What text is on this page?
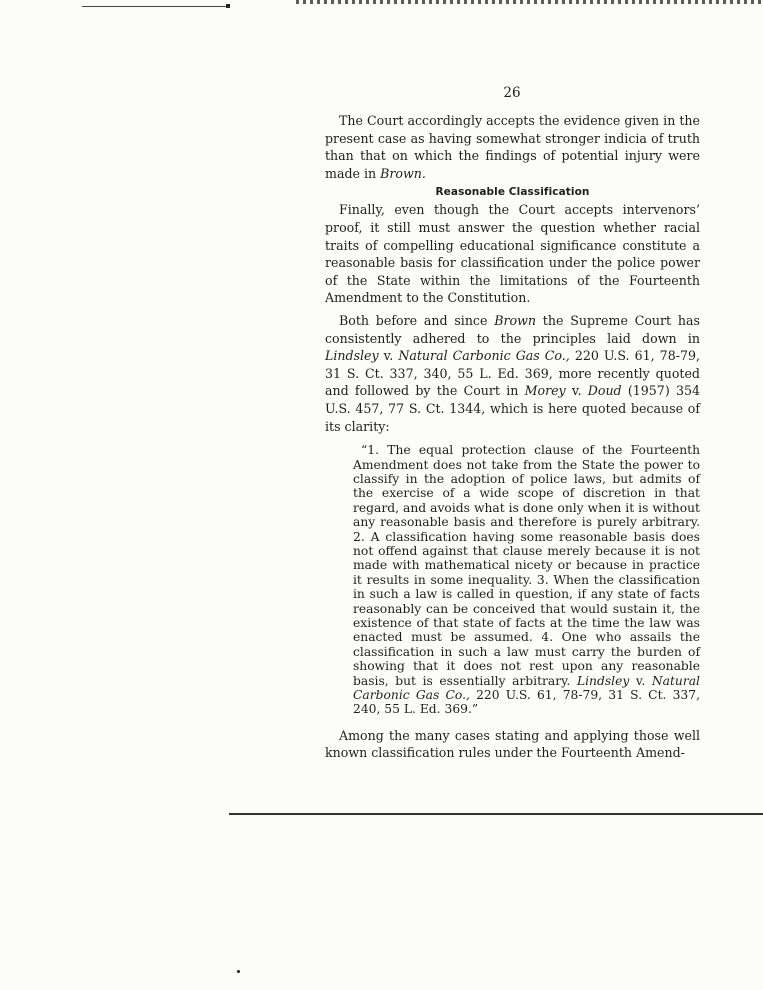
26

The Court accordingly accepts the evidence given in the present case as having somewhat stronger indicia of truth than that on which the findings of potential injury were made in Brown.

Reasonable Classification

Finally, even though the Court accepts intervenors’ proof, it still must answer the question whether racial traits of compelling educational significance constitute a reasonable basis for classification under the police power of the State within the limitations of the Fourteenth Amendment to the Constitution.

Both before and since Brown the Supreme Court has consistently adhered to the principles laid down in Lindsley v. Natural Carbonic Gas Co., 220 U.S. 61, 78-79, 31 S. Ct. 337, 340, 55 L. Ed. 369, more recently quoted and followed by the Court in Morey v. Doud (1957) 354 U.S. 457, 77 S. Ct. 1344, which is here quoted because of its clarity:

“1. The equal protection clause of the Fourteenth Amendment does not take from the State the power to classify in the adoption of police laws, but admits of the exercise of a wide scope of discretion in that regard, and avoids what is done only when it is without any reasonable basis and therefore is purely arbitrary. 2. A classification having some reasonable basis does not offend against that clause merely because it is not made with mathematical nicety or because in practice it results in some inequality. 3. When the classification in such a law is called in question, if any state of facts reasonably can be conceived that would sustain it, the existence of that state of facts at the time the law was enacted must be assumed. 4. One who assails the classification in such a law must carry the burden of showing that it does not rest upon any reasonable basis, but is essentially arbitrary. Lindsley v. Natural Carbonic Gas Co., 220 U.S. 61, 78-79, 31 S. Ct. 337, 240, 55 L. Ed. 369.”

Among the many cases stating and applying those well known classification rules under the Fourteenth Amend-
